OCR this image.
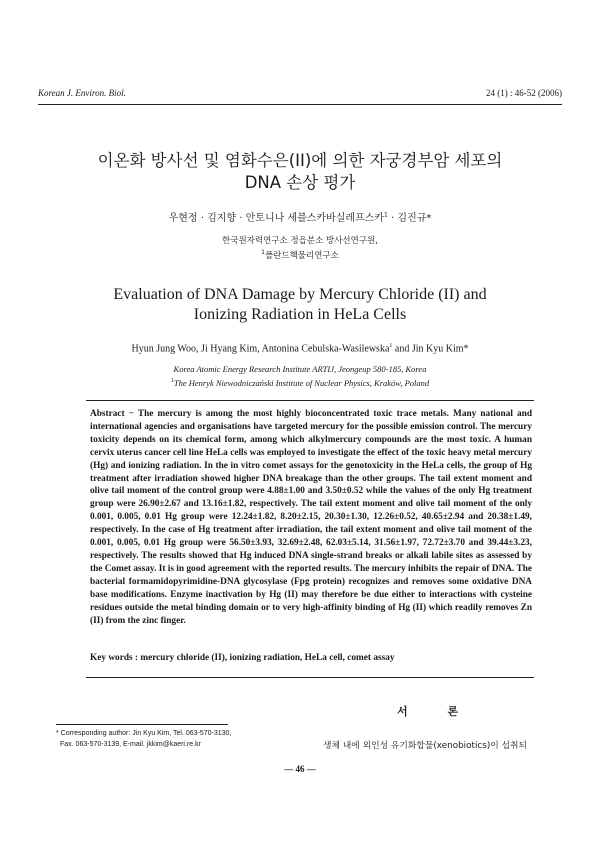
Korean J. Environ. Biol.	24 (1) : 46-52 (2006)
이온화 방사선 및 염화수은(II)에 의한 자궁경부암 세포의
DNA 손상 평가
우현정 · 김지향 · 안토니나 세블스카바실레프스카$^1$ · 김진규*
한국원자력연구소 정읍분소 방사선연구원,
$^1$폴란드핵물리연구소
Evaluation of DNA Damage by Mercury Chloride (II) and
Ionizing Radiation in HeLa Cells
Hyun Jung Woo, Ji Hyang Kim, Antonina Cebulska-Wasilewska$^1$ and Jin Kyu Kim*
Korea Atomic Energy Research Institute ARTIJ, Jeongeup 580-185, Korea
$^1$The Henryk Niewodniczański Institute of Nuclear Physics, Kraków, Poland
Abstract − The mercury is among the most highly bioconcentrated toxic trace metals. Many national and international agencies and organisations have targeted mercury for the possible emission control. The mercury toxicity depends on its chemical form, among which alkylmercury compounds are the most toxic. A human cervix uterus cancer cell line HeLa cells was employed to investigate the effect of the toxic heavy metal mercury (Hg) and ionizing radiation. In the in vitro comet assays for the genotoxicity in the HeLa cells, the group of Hg treatment after irradiation showed higher DNA breakage than the other groups. The tail extent moment and olive tail moment of the control group were 4.88±1.00 and 3.50±0.52 while the values of the only Hg treatment group were 26.90±2.67 and 13.16±1.82, respectively. The tail extent moment and olive tail moment of the only 0.001, 0.005, 0.01 Hg group were 12.24±1.82, 8.20±2.15, 20.30±1.30, 12.26±0.52, 40.65±2.94 and 20.38±1.49, respectively. In the case of Hg treatment after irradiation, the tail extent moment and olive tail moment of the 0.001, 0.005, 0.01 Hg group were 56.50±3.93, 32.69±2.48, 62.03±5.14, 31.56±1.97, 72.72±3.70 and 39.44±3.23, respectively. The results showed that Hg induced DNA single-strand breaks or alkali labile sites as assessed by the Comet assay. It is in good agreement with the reported results. The mercury inhibits the repair of DNA. The bacterial formamidopyrimidine-DNA glycosylase (Fpg protein) recognizes and removes some oxidative DNA base modifications. Enzyme inactivation by Hg (II) may therefore be due either to interactions with cysteine residues outside the metal binding domain or to very high-affinity binding of Hg (II) which readily removes Zn (II) from the zinc finger.
Key words : mercury chloride (II), ionizing radiation, HeLa cell, comet assay
서 론
* Corresponding author: Jin Kyu Kim, Tel. 063-570-3130,
Fax. 063-570-3139, E-mail. jkkim@kaeri.re.kr	생체 내에 외인성 유기화합물(xenobiotics)이 섭취되
— 46 —
